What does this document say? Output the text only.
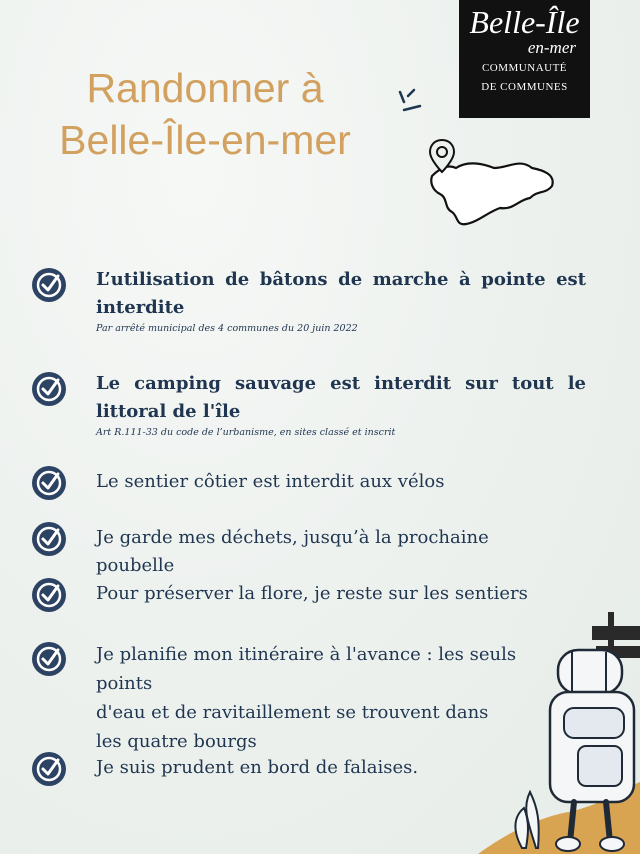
Randonner à
Belle-Île-en-mer
Belle-Île
en-mer
COMMUNAUTÉ
DE COMMUNES
L’utilisation de bâtons de marche à pointe est
interdite
Par arrêté municipal des 4 communes du 20 juin 2022
Le camping sauvage est interdit sur tout le
littoral de l'île
Art R.111-33 du code de l’urbanisme, en sites classé et inscrit
Le sentier côtier est interdit aux vélos
Je garde mes déchets, jusqu’à la prochaine poubelle
Pour préserver la flore, je reste sur les sentiers
Je planifie mon itinéraire à l'avance : les seuls points
d'eau et de ravitaillement se trouvent dans
les quatre bourgs
Je suis prudent en bord de falaises.
